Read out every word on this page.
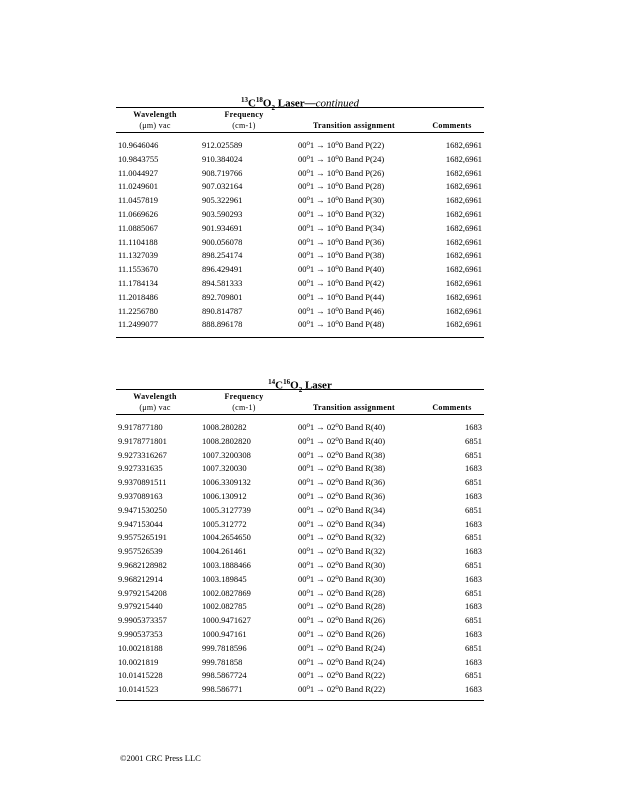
$^{13}C^{18}O_2$ Laser—continued
Wavelength
(μm) vac
Frequency
(cm-1)	Transition assignment	Comments
10.9646046	912.025589	00⁰1 → 10⁰0 Band P(22)	1682,6961
10.9843755	910.384024	00⁰1 → 10⁰0 Band P(24)	1682,6961
11.0044927	908.719766	00⁰1 → 10⁰0 Band P(26)	1682,6961
11.0249601	907.032164	00⁰1 → 10⁰0 Band P(28)	1682,6961
11.0457819	905.322961	00⁰1 → 10⁰0 Band P(30)	1682,6961
11.0669626	903.590293	00⁰1 → 10⁰0 Band P(32)	1682,6961
11.0885067	901.934691	00⁰1 → 10⁰0 Band P(34)	1682,6961
11.1104188	900.056078	00⁰1 → 10⁰0 Band P(36)	1682,6961
11.1327039	898.254174	00⁰1 → 10⁰0 Band P(38)	1682,6961
11.1553670	896.429491	00⁰1 → 10⁰0 Band P(40)	1682,6961
11.1784134	894.581333	00⁰1 → 10⁰0 Band P(42)	1682,6961
11.2018486	892.709801	00⁰1 → 10⁰0 Band P(44)	1682,6961
11.2256780	890.814787	00⁰1 → 10⁰0 Band P(46)	1682,6961
11.2499077	888.896178	00⁰1 → 10⁰0 Band P(48)	1682,6961
$^{14}C^{16}O_2$ Laser
Wavelength
(μm) vac
Frequency
(cm-1)	Transition assignment	Comments
9.917877180	1008.280282	00⁰1 → 02⁰0 Band R(40)	1683
9.9178771801	1008.2802820	00⁰1 → 02⁰0 Band R(40)	6851
9.9273316267	1007.3200308	00⁰1 → 02⁰0 Band R(38)	6851
9.927331635	1007.320030	00⁰1 → 02⁰0 Band R(38)	1683
9.9370891511	1006.3309132	00⁰1 → 02⁰0 Band R(36)	6851
9.937089163	1006.130912	00⁰1 → 02⁰0 Band R(36)	1683
9.9471530250	1005.3127739	00⁰1 → 02⁰0 Band R(34)	6851
9.947153044	1005.312772	00⁰1 → 02⁰0 Band R(34)	1683
9.9575265191	1004.2654650	00⁰1 → 02⁰0 Band R(32)	6851
9.957526539	1004.261461	00⁰1 → 02⁰0 Band R(32)	1683
9.9682128982	1003.1888466	00⁰1 → 02⁰0 Band R(30)	6851
9.968212914	1003.189845	00⁰1 → 02⁰0 Band R(30)	1683
9.9792154208	1002.0827869	00⁰1 → 02⁰0 Band R(28)	6851
9.979215440	1002.082785	00⁰1 → 02⁰0 Band R(28)	1683
9.9905373357	1000.9471627	00⁰1 → 02⁰0 Band R(26)	6851
9.990537353	1000.947161	00⁰1 → 02⁰0 Band R(26)	1683
10.00218188	999.7818596	00⁰1 → 02⁰0 Band R(24)	6851
10.0021819	999.781858	00⁰1 → 02⁰0 Band R(24)	1683
10.01415228	998.5867724	00⁰1 → 02⁰0 Band R(22)	6851
10.0141523	998.586771	00⁰1 → 02⁰0 Band R(22)	1683
©2001 CRC Press LLC
